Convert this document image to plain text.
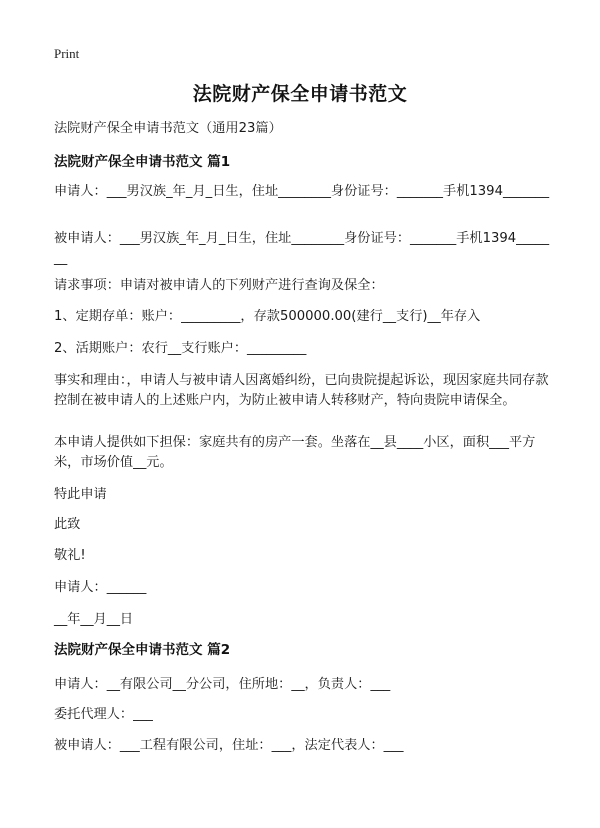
Print
法院财产保全申请书范文
法院财产保全申请书范文（通用23篇）
法院财产保全申请书范文 篇1
申请人：___男汉族_年_月_日生，住址________身份证号：_______手机1394_______
被申请人：___男汉族_年_月_日生，住址________身份证号：_______手机1394_______
请求事项：申请对被申请人的下列财产进行查询及保全：
1、定期存单：账户：_________，存款500000.00(建行__支行)__年存入
2、活期账户：农行__支行账户：_________
事实和理由：，申请人与被申请人因离婚纠纷，已向贵院提起诉讼，现因家庭共同存款控制在被申请人的上述账户内，为防止被申请人转移财产，特向贵院申请保全。
本申请人提供如下担保：家庭共有的房产一套。坐落在__县____小区，面积___平方米，市场价值__元。
特此申请
此致
敬礼!
申请人：______
__年__月__日
法院财产保全申请书范文 篇2
申请人：__有限公司__分公司，住所地：__，负责人：___
委托代理人：___
被申请人：___工程有限公司，住址：___，法定代表人：___
